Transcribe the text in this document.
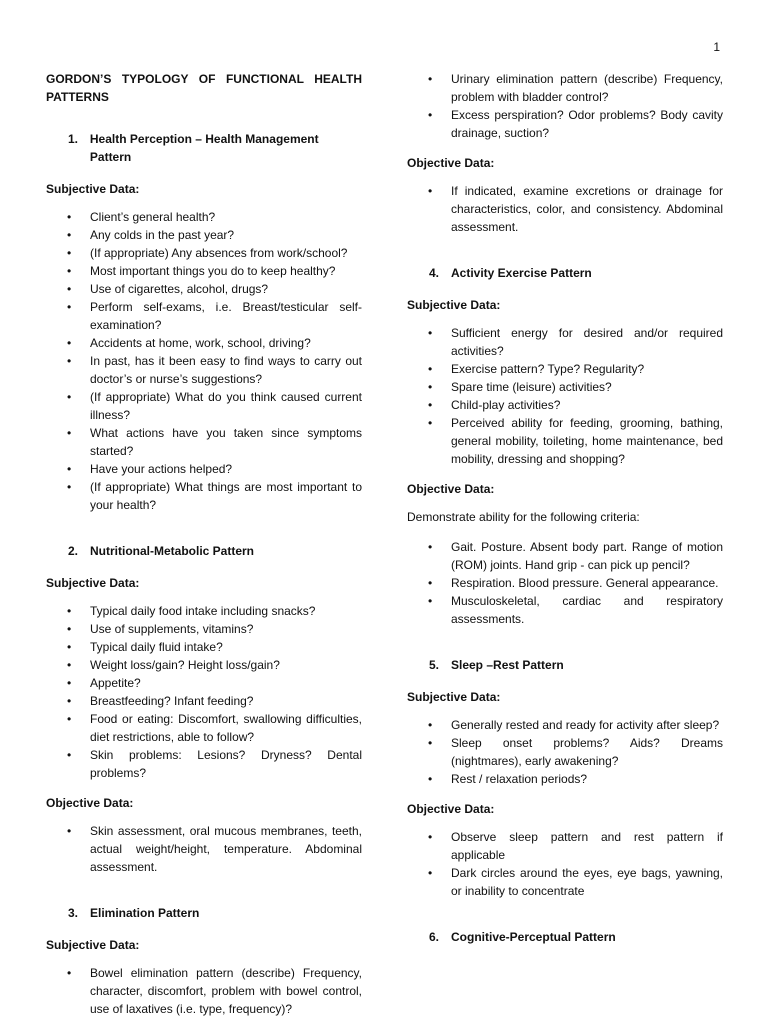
1
GORDON’S TYPOLOGY OF FUNCTIONAL HEALTH PATTERNS
1. Health Perception – Health Management Pattern
Subjective Data:
• Client’s general health?
• Any colds in the past year?
• (If appropriate) Any absences from work/school?
• Most important things you do to keep healthy?
• Use of cigarettes, alcohol, drugs?
• Perform self-exams, i.e. Breast/testicular self-examination?
• Accidents at home, work, school, driving?
• In past, has it been easy to find ways to carry out doctor’s or nurse’s suggestions?
• (If appropriate) What do you think caused current illness?
• What actions have you taken since symptoms started?
• Have your actions helped?
• (If appropriate) What things are most important to your health?
2. Nutritional-Metabolic Pattern
Subjective Data:
• Typical daily food intake including snacks?
• Use of supplements, vitamins?
• Typical daily fluid intake?
• Weight loss/gain? Height loss/gain?
• Appetite?
• Breastfeeding? Infant feeding?
• Food or eating: Discomfort, swallowing difficulties, diet restrictions, able to follow?
• Skin problems: Lesions? Dryness? Dental problems?
Objective Data:
• Skin assessment, oral mucous membranes, teeth, actual weight/height, temperature. Abdominal assessment.
3. Elimination Pattern
Subjective Data:
• Bowel elimination pattern (describe) Frequency, character, discomfort, problem with bowel control, use of laxatives (i.e. type, frequency)?
• Urinary elimination pattern (describe) Frequency, problem with bladder control?
• Excess perspiration? Odor problems? Body cavity drainage, suction?
Objective Data:
• If indicated, examine excretions or drainage for characteristics, color, and consistency. Abdominal assessment.
4. Activity Exercise Pattern
Subjective Data:
• Sufficient energy for desired and/or required activities?
• Exercise pattern? Type? Regularity?
• Spare time (leisure) activities?
• Child-play activities?
• Perceived ability for feeding, grooming, bathing, general mobility, toileting, home maintenance, bed mobility, dressing and shopping?
Objective Data:
Demonstrate ability for the following criteria:
• Gait. Posture. Absent body part. Range of motion (ROM) joints. Hand grip - can pick up pencil?
• Respiration. Blood pressure. General appearance.
• Musculoskeletal, cardiac and respiratory assessments.
5. Sleep –Rest Pattern
Subjective Data:
• Generally rested and ready for activity after sleep?
• Sleep onset problems? Aids? Dreams (nightmares), early awakening?
• Rest / relaxation periods?
Objective Data:
• Observe sleep pattern and rest pattern if applicable
• Dark circles around the eyes, eye bags, yawning, or inability to concentrate
6. Cognitive-Perceptual Pattern
